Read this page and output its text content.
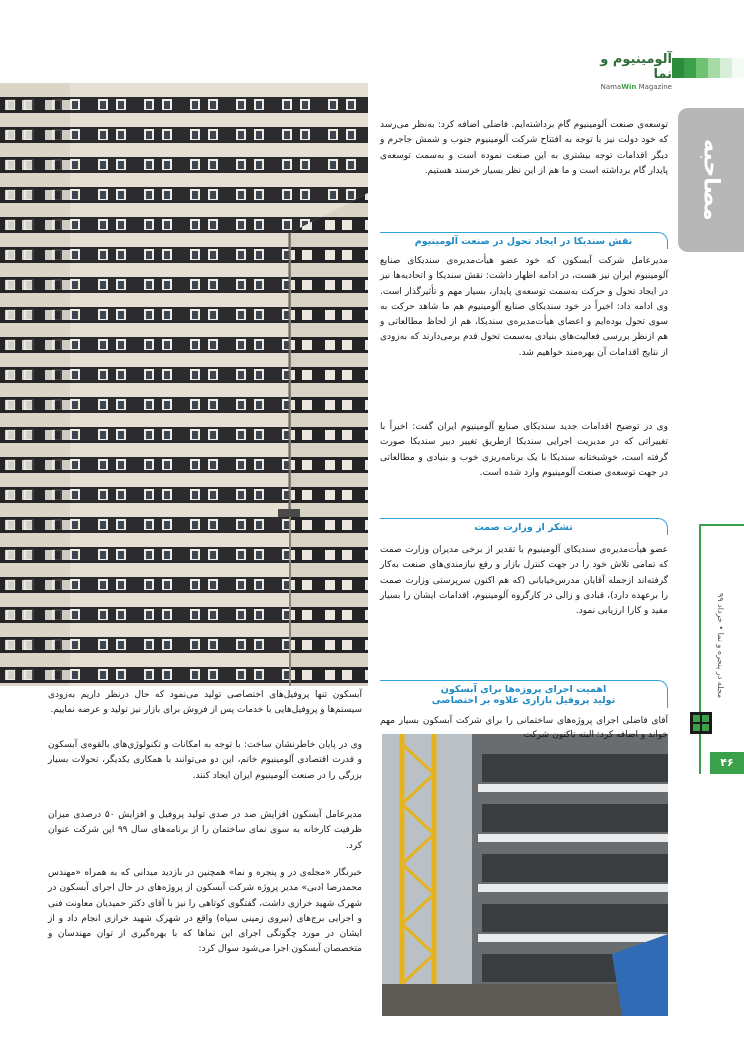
آلومینیوم و نما
NamaWin Magazine
مصاحبه
مجله در پنجره و نما • خرداد ۹۹
۴۶
توسعه‌ی صنعت آلومینیوم گام برداشته‌ایم. فاضلی اضافه کرد: به‌نظر می‌رسد که خود دولت نیز با توجه به افتتاح شرکت آلومینیوم جنوب و شمش جاجرم و دیگر اقدامات توجه بیشتری به این صنعت نموده است و به‌سمت توسعه‌ی پایدار گام برداشته است و ما هم از این نظر بسیار خرسند هستیم.
نقش سندیکا در ایجاد تحول در صنعت آلومینیوم
مدیرعامل شرکت آبسکون که خود عضو هیأت‌مدیره‌ی سندیکای صنایع آلومینیوم ایران نیز هست، در ادامه اظهار داشت: نقش سندیکا و اتحادیه‌ها نیز در ایجاد تحول و حرکت به‌سمت توسعه‌ی پایدار، بسیار مهم و تأثیرگذار است. وی ادامه داد: اخیراً در خود سندیکای صنایع آلومینیوم هم ما شاهد حرکت به سوی تحول بوده‌ایم و اعضای هیأت‌مدیره‌ی سندیکا، هم از لحاظ مطالعاتی و هم ازنظر بررسی فعالیت‌های بنیادی به‌سمت تحول قدم برمی‌دارند که به‌زودی از نتایج اقدامات آن بهره‌مند خواهیم شد.
وی در توضیح اقدامات جدید سندیکای صنایع آلومینیوم ایران گفت: اخیراً با تغییراتی که در مدیریت اجرایی سندیکا ازطریق تغییر دبیر سندیکا صورت گرفته است، خوشبختانه سندیکا با یک برنامه‌ریزی خوب و بنیادی و مطالعاتی در جهت توسعه‌ی صنعت آلومینیوم وارد شده است.
تشکر از وزارت صمت
عضو هیأت‌مدیره‌ی سندیکای آلومینیوم با تقدیر از برخی مدیران وزارت صمت که تمامی تلاش خود را در جهت کنترل بازار و رفع نیازمندی‌های صنعت به‌کار گرفته‌اند ازجمله آقایان مدرس‌خیابانی (که هم اکنون سرپرستی وزارت صمت را برعهده دارد)، قبادی و زالی در کارگروه آلومینیوم، اقدامات ایشان را بسیار مفید و کارا ارزیابی نمود.
اهمیت اجرای پروژه‌ها برای آبسکون
تولید پروفیل بازاری علاوه بر اختصاصی
آقای فاضلی اجرای پروژه‌های ساختمانی را برای شرکت آبسکون بسیار مهم خواند و اضافه کرد: البته تاکنون شرکت
آبسکون تنها پروفیل‌های اختصاصی تولید می‌نمود که حال درنظر داریم به‌زودی سیستم‌ها و پروفیل‌هایی با خدمات پس از فروش برای بازار نیز تولید و عرضه نماییم.
وی در پایان خاطرنشان ساخت: با توجه به امکانات و تکنولوژی‌های بالقوه‌ی آبسکون و قدرت اقتصادی آلومینیوم خاتم، این دو می‌توانند با همکاری یکدیگر، تحولات بسیار بزرگی را در صنعت آلومینیوم ایران ایجاد کنند.
مدیرعامل آبسکون افزایش صد در صدی تولید پروفیل و افزایش ۵۰ درصدی میزان ظرفیت کارخانه به سوی نمای ساختمان را از برنامه‌های سال ۹۹ این شرکت عنوان کرد.
خبرنگار «مجله‌ی در و پنجره و نما» همچنین در بازدید میدانی که به همراه «مهندس محمدرضا ادبی» مدیر پروژه شرکت آبسکون از پروژه‌های در حال اجرای آبسکون در شهرک شهید خرازی داشت، گفتگوی کوتاهی را نیز با آقای دکتر حمیدیان معاونت فنی و اجرایی برج‌های (نیروی زمینی سپاه) واقع در شهرک شهید خرازی انجام داد و از ایشان در مورد چگونگی اجرای این نماها که با بهره‌گیری از توان مهندسان و متخصصان آبسکون اجرا می‌شود سوال کرد:
